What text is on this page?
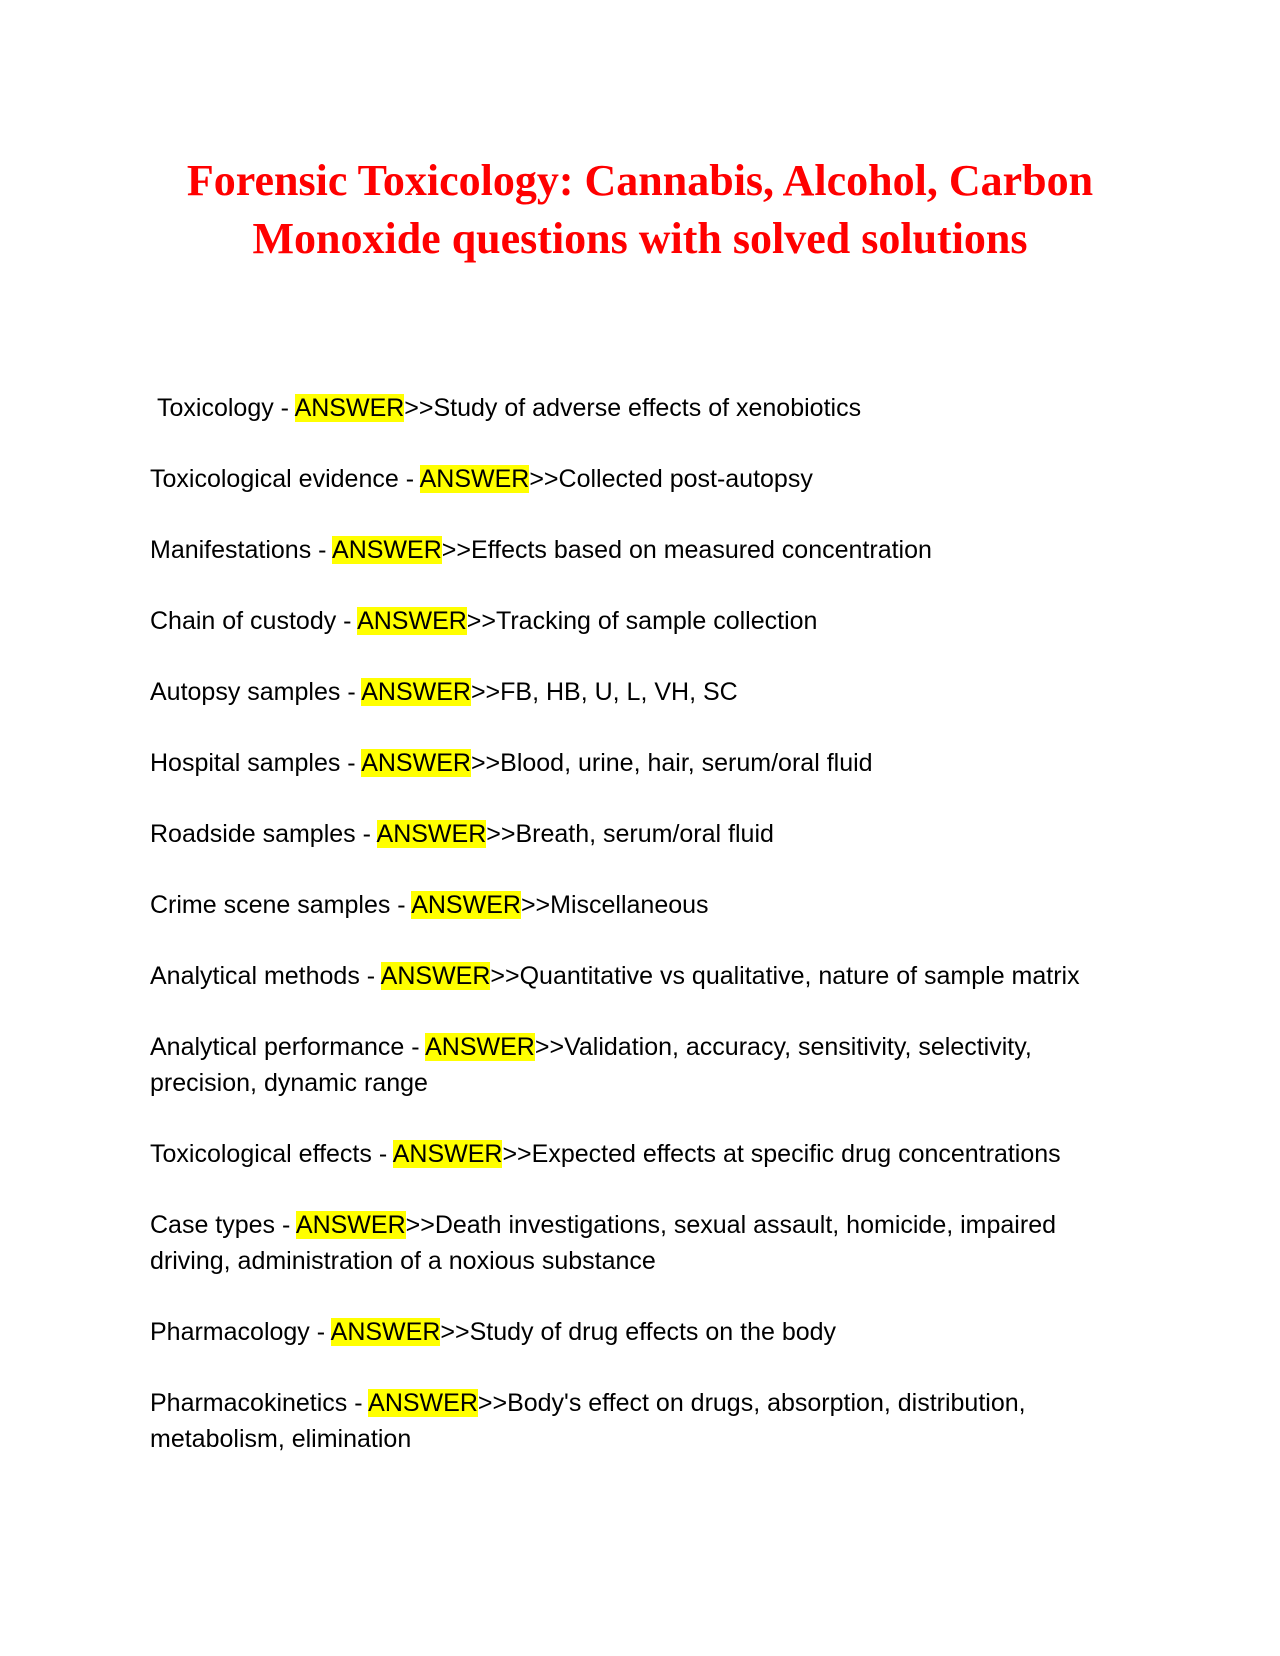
Forensic Toxicology: Cannabis, Alcohol, Carbon Monoxide questions with solved solutions
Toxicology - ANSWER>>Study of adverse effects of xenobiotics
Toxicological evidence - ANSWER>>Collected post-autopsy
Manifestations - ANSWER>>Effects based on measured concentration
Chain of custody - ANSWER>>Tracking of sample collection
Autopsy samples - ANSWER>>FB, HB, U, L, VH, SC
Hospital samples - ANSWER>>Blood, urine, hair, serum/oral fluid
Roadside samples - ANSWER>>Breath, serum/oral fluid
Crime scene samples - ANSWER>>Miscellaneous
Analytical methods - ANSWER>>Quantitative vs qualitative, nature of sample matrix
Analytical performance - ANSWER>>Validation, accuracy, sensitivity, selectivity, precision, dynamic range
Toxicological effects - ANSWER>>Expected effects at specific drug concentrations
Case types - ANSWER>>Death investigations, sexual assault, homicide, impaired driving, administration of a noxious substance
Pharmacology - ANSWER>>Study of drug effects on the body
Pharmacokinetics - ANSWER>>Body's effect on drugs, absorption, distribution, metabolism, elimination
